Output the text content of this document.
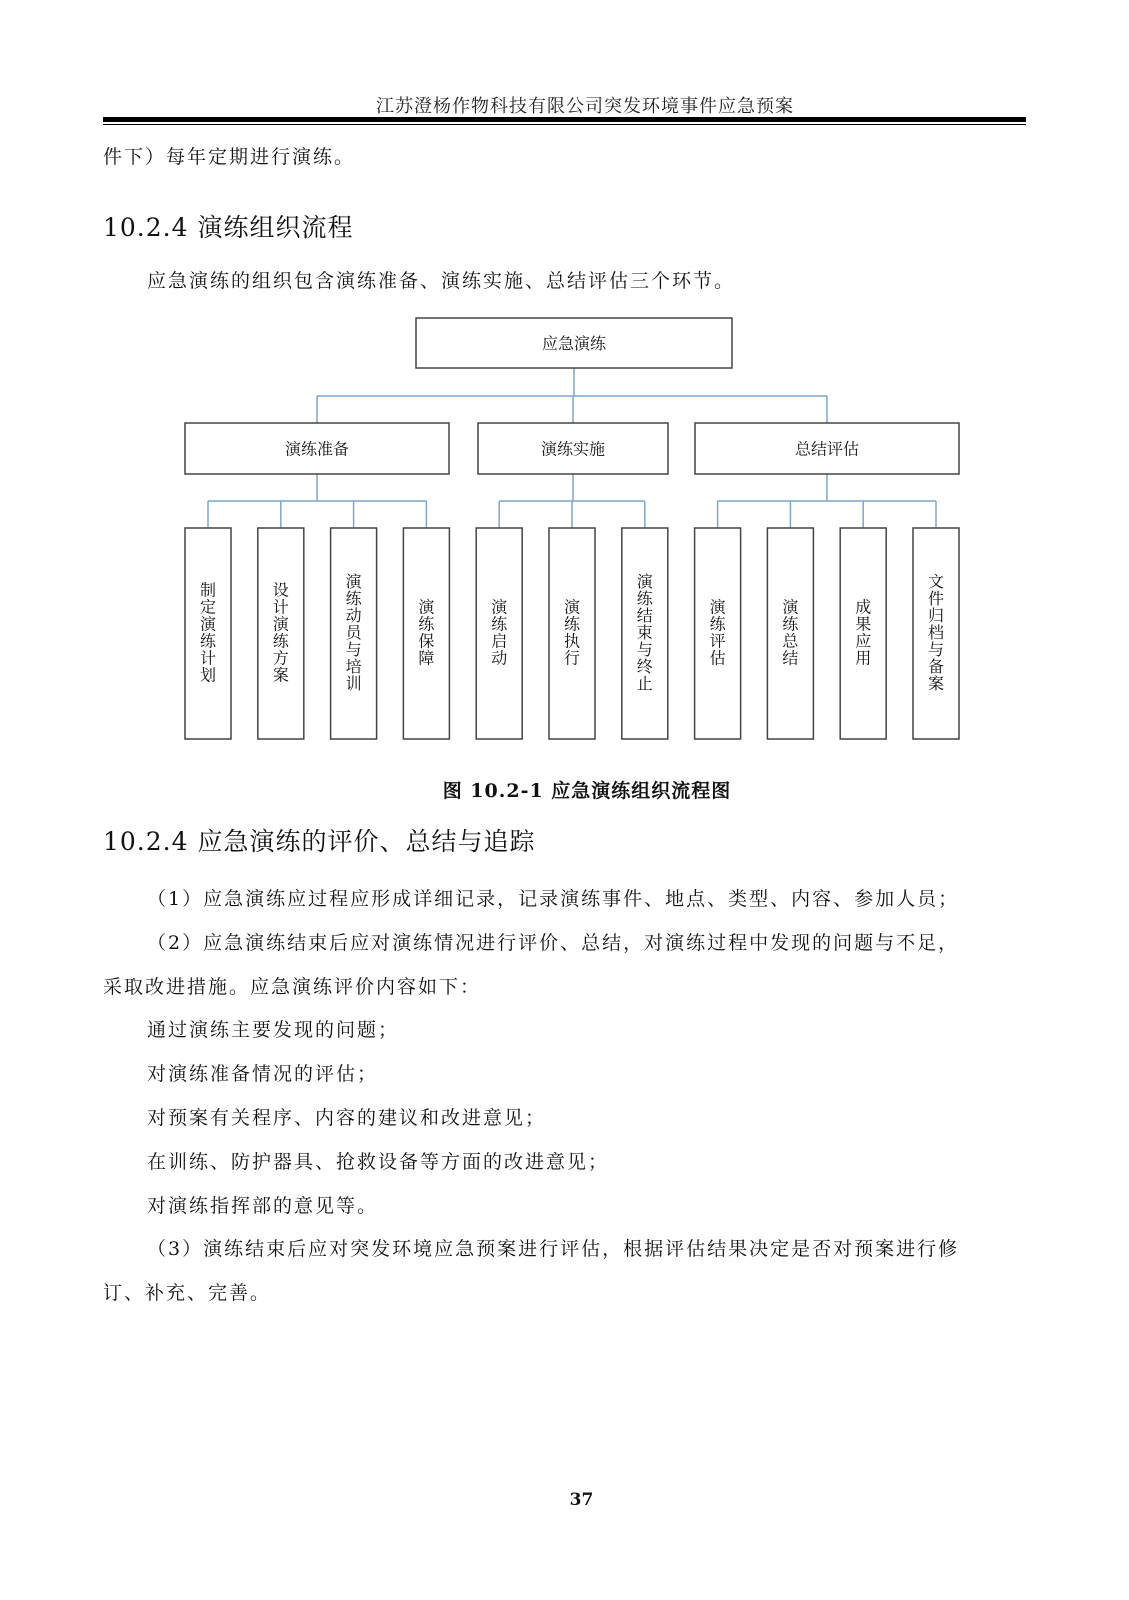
江苏澄杨作物科技有限公司突发环境事件应急预案
件下）每年定期进行演练。
10.2.4 演练组织流程
应急演练的组织包含演练准备、演练实施、总结评估三个环节。
应急演练
演练准备
制定演练计划
设计演练方案
演练动员与培训
演练保障
演练实施
演练启动
演练执行
演练结束与终止
总结评估
演练评估
演练总结
成果应用
文件归档与备案
图 10.2-1 应急演练组织流程图
10.2.4 应急演练的评价、总结与追踪
（1）应急演练应过程应形成详细记录，记录演练事件、地点、类型、内容、参加人员；
（2）应急演练结束后应对演练情况进行评价、总结，对演练过程中发现的问题与不足，
采取改进措施。应急演练评价内容如下：
通过演练主要发现的问题；
对演练准备情况的评估；
对预案有关程序、内容的建议和改进意见；
在训练、防护器具、抢救设备等方面的改进意见；
对演练指挥部的意见等。
（3）演练结束后应对突发环境应急预案进行评估，根据评估结果决定是否对预案进行修
订、补充、完善。
37
